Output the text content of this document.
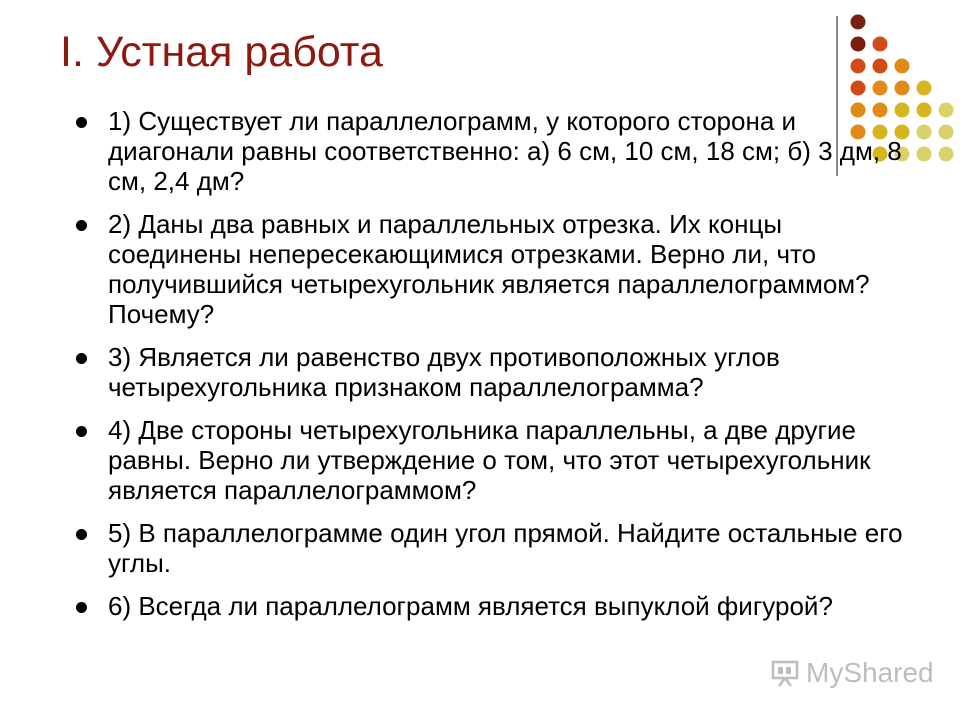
I. Устная работа
1) Существует ли параллелограмм, у которого сторона и диагонали равны соответственно: а) 6 см, 10 см, 18 см; б) 3 дм, 8 см, 2,4 дм?
2) Даны два равных и параллельных отрезка. Их концы соединены непересекающимися отрезками. Верно ли, что получившийся четырехугольник является параллелограммом? Почему?
3) Является ли равенство двух противоположных углов четырехугольника признаком параллелограмма?
4) Две стороны четырехугольника параллельны, а две другие равны. Верно ли утверждение о том, что этот четырехугольник является параллелограммом?
5) В параллелограмме один угол прямой. Найдите остальные его углы.
6) Всегда ли параллелограмм является выпуклой фигурой?
MyShared
